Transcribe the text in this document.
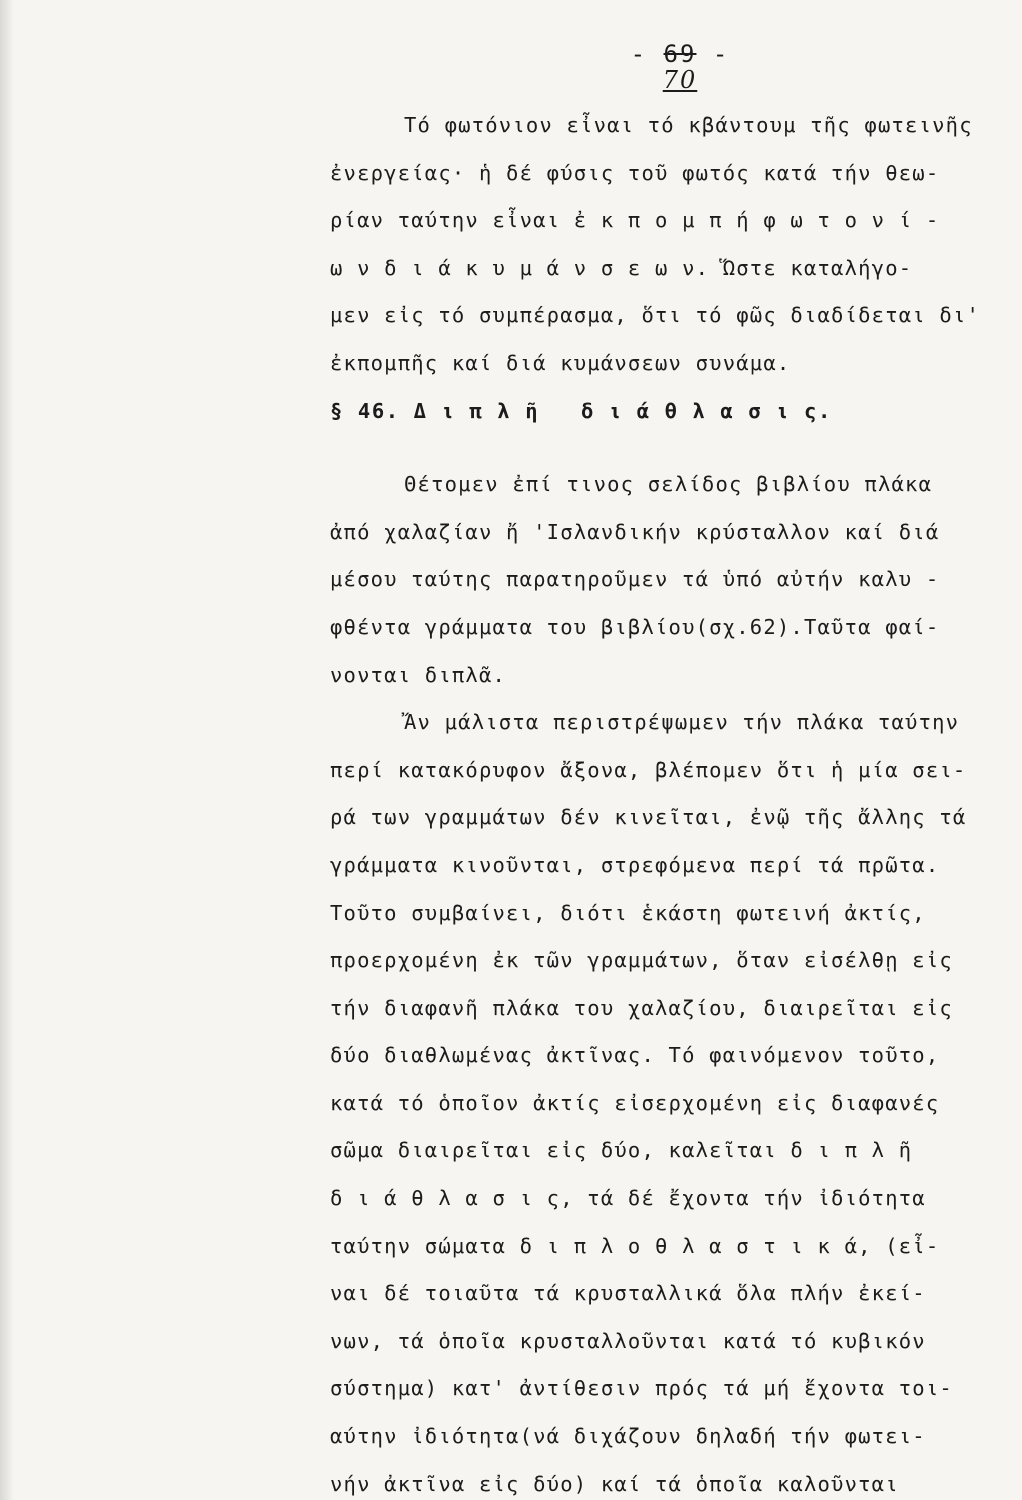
- 69 -
70
Τό φωτόνιον εἶναι τό κβάντουμ τῆς φωτεινῆς
ἐνεργείας· ἡ δέ φύσις τοῦ φωτός κατά τήν θεω-
ρίαν ταύτην εἶναι ἐ κ π ο μ π ή φ ω τ ο ν ί -
ω ν δ ι ά κ υ μ ά ν σ ε ω ν. Ὥστε καταλήγο-
μεν εἰς τό συμπέρασμα, ὅτι τό φῶς διαδίδεται δι'
ἐκπομπῆς καί διά κυμάνσεων συνάμα.
§ 46. Δ ι π λ ῆ   δ ι ά θ λ α σ ι ς.
Θέτομεν ἐπί τινος σελίδος βιβλίου πλάκα
ἀπό χαλαζίαν ἤ 'Ισλανδικήν κρύσταλλον καί διά
μέσου ταύτης παρατηροῦμεν τά ὑπό αὐτήν καλυ -
φθέντα γράμματα του βιβλίου(σχ.62).Ταῦτα φαί-
νονται διπλᾶ.
Ἄν μάλιστα περιστρέψωμεν τήν πλάκα ταύτην
περί κατακόρυφον ἄξονα, βλέπομεν ὅτι ἡ μία σει-
ρά των γραμμάτων δέν κινεῖται, ἐνῷ τῆς ἄλλης τά
γράμματα κινοῦνται, στρεφόμενα περί τά πρῶτα.
Τοῦτο συμβαίνει, διότι ἑκάστη φωτεινή ἀκτίς,
προερχομένη ἐκ τῶν γραμμάτων, ὅταν εἰσέλθῃ εἰς
τήν διαφανῆ πλάκα του χαλαζίου, διαιρεῖται εἰς
δύο διαθλωμένας ἀκτῖνας. Τό φαινόμενον τοῦτο,
κατά τό ὁποῖον ἀκτίς εἰσερχομένη εἰς διαφανές
σῶμα διαιρεῖται εἰς δύο, καλεῖται δ ι π λ ῆ
δ ι ά θ λ α σ ι ς, τά δέ ἔχοντα τήν ἰδιότητα
ταύτην σώματα δ ι π λ ο θ λ α σ τ ι κ ά, (εἶ-
ναι δέ τοιαῦτα τά κρυσταλλικά ὅλα πλήν ἐκεί-
νων, τά ὁποῖα κρυσταλλοῦνται κατά τό κυβικόν
σύστημα) κατ' ἀντίθεσιν πρός τά μή ἔχοντα τοι-
αύτην ἰδιότητα(νά διχάζουν δηλαδή τήν φωτει-
νήν ἀκτῖνα εἰς δύο) καί τά ὁποῖα καλοῦνται
